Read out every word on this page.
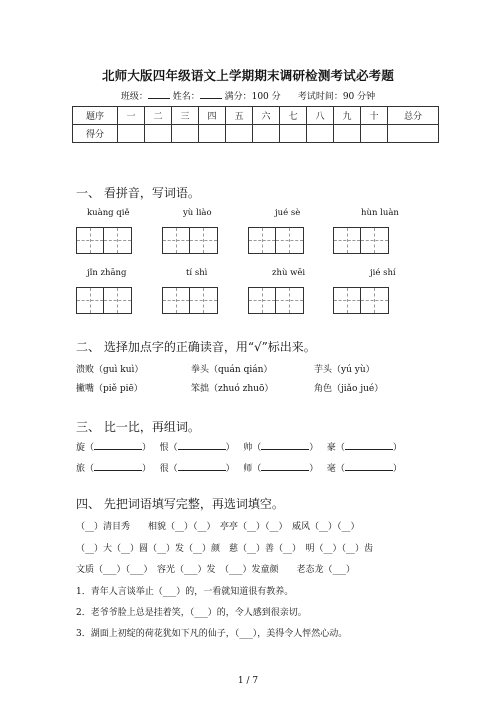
北师大版四年级语文上学期期末调研检测考试必考题
班级：	姓名：	满分：100 分 考试时间：90 分钟
题序	一	二	三	四	五	六	七	八	九	十	总分
得分											
一、 看拼音，写词语。
kuàng qiě	yù liào	jué sè	hùn luàn
jǐn zhāng	tí shì	zhù wēi	jié shí
二、 选择加点字的正确读音，用“√”标出来。
溃败（guì kuì）	拳头（quán qián）	芋头（yú yù）
撇嘴（piě piē）	笨拙（zhuó zhuō）	角色（jiǎo jué）
三、 比一比，再组词。
旋（	） 恨（	） 帅（	） 豪（	）
旅（	） 很（	） 师（	） 毫（	）
四、 先把词语填写完整，再选词填空。
（__）清目秀　　相貌（__）（__）　亭亭（__）（__）　威风（__）（__）
（__）大（__）圆（__）发（__）颜　慈（__）善（__）　明（__）（__）齿
文质（___）（___）　容光（___）发　（___）发童颜　　老态龙（___）
1．青年人言谈举止（___）的，一看就知道很有教养。
2．老爷爷脸上总是挂着笑，（___）的，令人感到很亲切。
3．湖面上初绽的荷花犹如下凡的仙子，（___），美得令人怦然心动。
1 / 7
